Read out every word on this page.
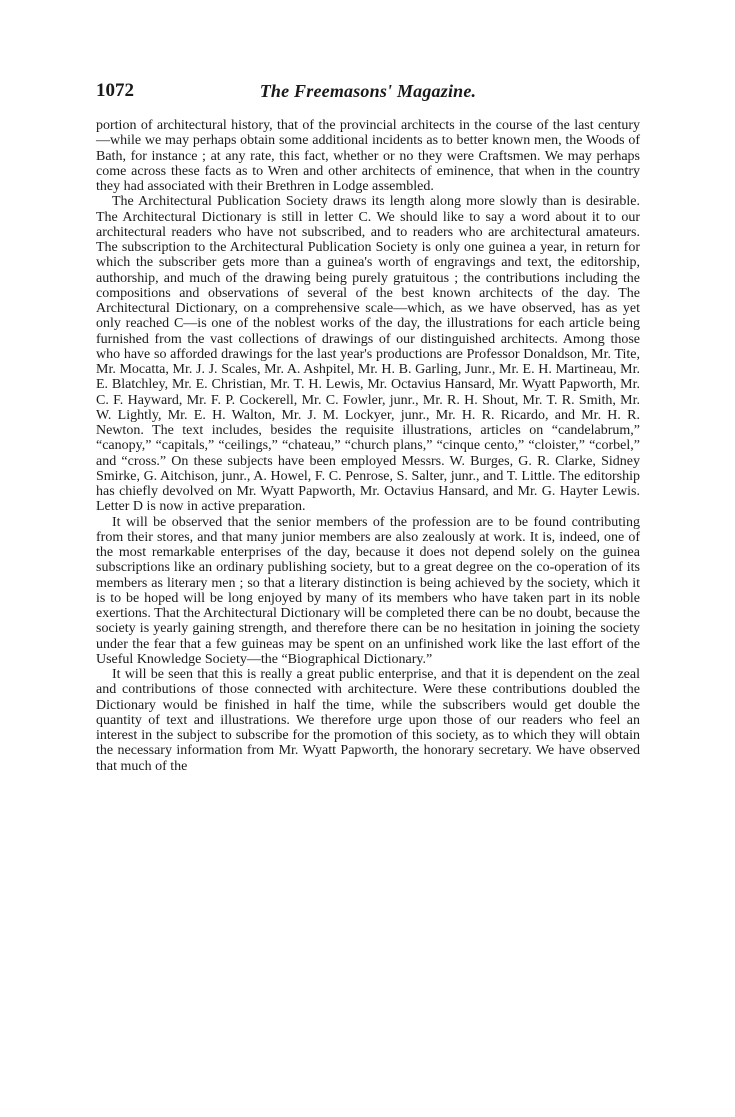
1072	The Freemasons' Magazine.

portion of architectural history, that of the provincial architects in the course of the last century—while we may perhaps obtain some additional incidents as to better known men, the Woods of Bath, for instance ; at any rate, this fact, whether or no they were Craftsmen. We may perhaps come across these facts as to Wren and other architects of eminence, that when in the country they had associated with their Brethren in Lodge assembled.

The Architectural Publication Society draws its length along more slowly than is desirable. The Architectural Dictionary is still in letter C. We should like to say a word about it to our architectural readers who have not subscribed, and to readers who are architectural amateurs. The subscription to the Architectural Publication Society is only one guinea a year, in return for which the subscriber gets more than a guinea's worth of engravings and text, the editorship, authorship, and much of the drawing being purely gratuitous ; the contributions including the compositions and observations of several of the best known architects of the day. The Architectural Dictionary, on a comprehensive scale—which, as we have observed, has as yet only reached C—is one of the noblest works of the day, the illustrations for each article being furnished from the vast collections of drawings of our distinguished architects. Among those who have so afforded drawings for the last year's productions are Professor Donaldson, Mr. Tite, Mr. Mocatta, Mr. J. J. Scales, Mr. A. Ashpitel, Mr. H. B. Garling, Junr., Mr. E. H. Martineau, Mr. E. Blatchley, Mr. E. Christian, Mr. T. H. Lewis, Mr. Octavius Hansard, Mr. Wyatt Papworth, Mr. C. F. Hayward, Mr. F. P. Cockerell, Mr. C. Fowler, junr., Mr. R. H. Shout, Mr. T. R. Smith, Mr. W. Lightly, Mr. E. H. Walton, Mr. J. M. Lockyer, junr., Mr. H. R. Ricardo, and Mr. H. R. Newton. The text includes, besides the requisite illustrations, articles on “candelabrum,” “canopy,” “capitals,” “ceilings,” “chateau,” “church plans,” “cinque cento,” “cloister,” “corbel,” and “cross.” On these subjects have been employed Messrs. W. Burges, G. R. Clarke, Sidney Smirke, G. Aitchison, junr., A. Howel, F. C. Penrose, S. Salter, junr., and T. Little. The editorship has chiefly devolved on Mr. Wyatt Papworth, Mr. Octavius Hansard, and Mr. G. Hayter Lewis. Letter D is now in active preparation.

It will be observed that the senior members of the profession are to be found contributing from their stores, and that many junior members are also zealously at work. It is, indeed, one of the most remarkable enterprises of the day, because it does not depend solely on the guinea subscriptions like an ordinary publishing society, but to a great degree on the co-operation of its members as literary men ; so that a literary distinction is being achieved by the society, which it is to be hoped will be long enjoyed by many of its members who have taken part in its noble exertions. That the Architectural Dictionary will be completed there can be no doubt, because the society is yearly gaining strength, and therefore there can be no hesitation in joining the society under the fear that a few guineas may be spent on an unfinished work like the last effort of the Useful Knowledge Society—the “Biographical Dictionary.”

It will be seen that this is really a great public enterprise, and that it is dependent on the zeal and contributions of those connected with architecture. Were these contributions doubled the Dictionary would be finished in half the time, while the subscribers would get double the quantity of text and illustrations. We therefore urge upon those of our readers who feel an interest in the subject to subscribe for the promotion of this society, as to which they will obtain the necessary information from Mr. Wyatt Papworth, the honorary secretary. We have observed that much of the
